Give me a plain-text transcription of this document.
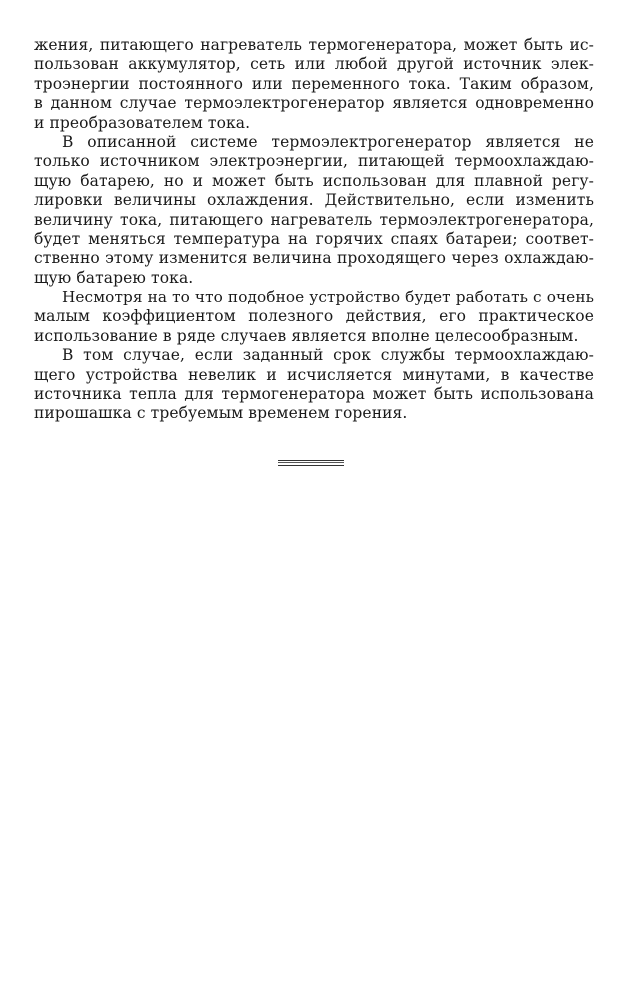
жения, питающего нагреватель термогенератора, может быть ис-
пользован аккумулятор, сеть или любой другой источник элек-
троэнергии постоянного или переменного тока. Таким образом,
в данном случае термоэлектрогенератор является одновременно
и преобразователем тока.
В описанной системе термоэлектрогенератор является не
только источником электроэнергии, питающей термоохлаждаю-
щую батарею, но и может быть использован для плавной регу-
лировки величины охлаждения. Действительно, если изменить
величину тока, питающего нагреватель термоэлектрогенератора,
будет меняться температура на горячих спаях батареи; соответ-
ственно этому изменится величина проходящего через охлаждаю-
щую батарею тока.
Несмотря на то что подобное устройство будет работать с очень
малым коэффициентом полезного действия, его практическое
использование в ряде случаев является вполне целесообразным.
В том случае, если заданный срок службы термоохлаждаю-
щего устройства невелик и исчисляется минутами, в качестве
источника тепла для термогенератора может быть использована
пирошашка с требуемым временем горения.
